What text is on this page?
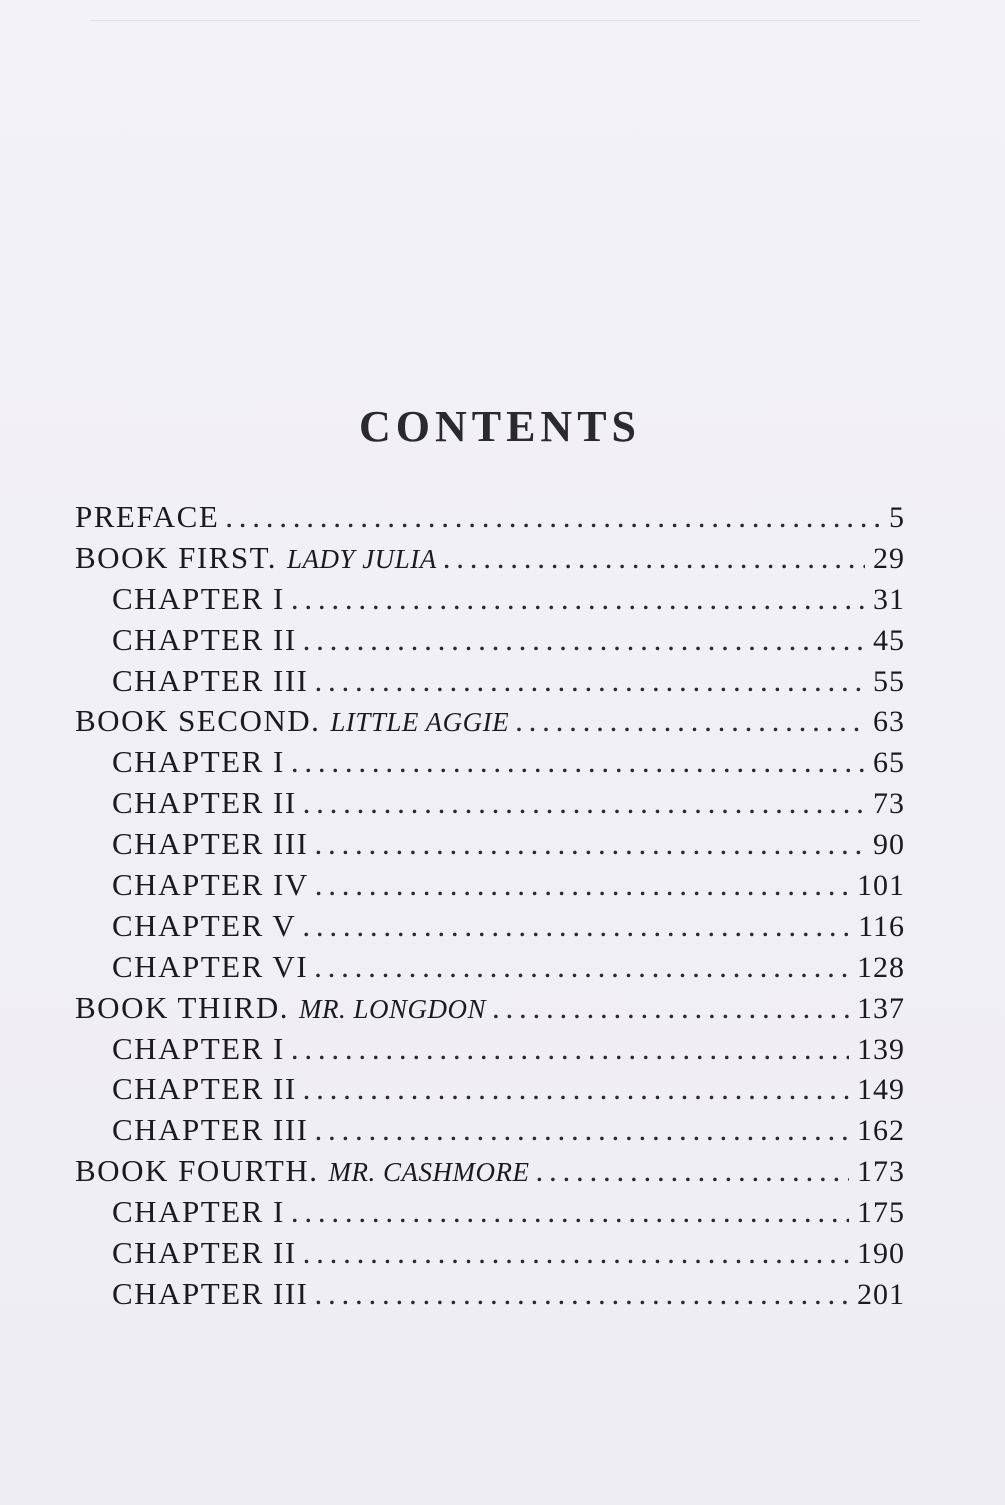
CONTENTS
PREFACE . . .	5
BOOK FIRST. LADY JULIA . . .	29
CHAPTER I . . .	31
CHAPTER II . . .	45
CHAPTER III . . .	55
BOOK SECOND. LITTLE AGGIE . . .	63
CHAPTER I . . .	65
CHAPTER II . . .	73
CHAPTER III . . .	90
CHAPTER IV . . .	101
CHAPTER V . . .	116
CHAPTER VI . . .	128
BOOK THIRD. MR. LONGDON . . .	137
CHAPTER I . . .	139
CHAPTER II . . .	149
CHAPTER III . . .	162
BOOK FOURTH. MR. CASHMORE . . .	173
CHAPTER I . . .	175
CHAPTER II . . .	190
CHAPTER III . . .	201
